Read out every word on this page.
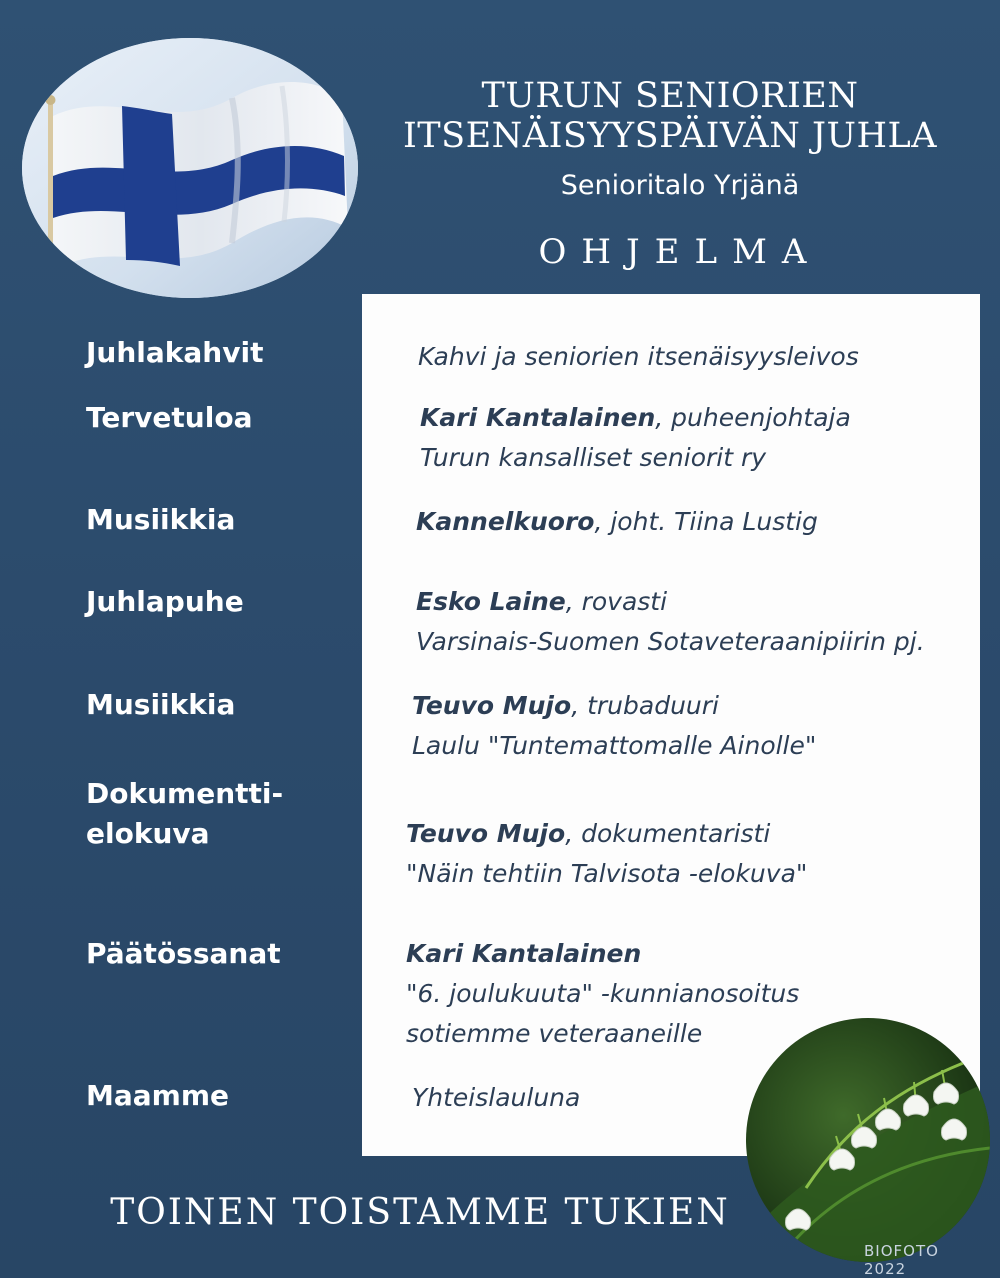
TURUN SENIORIEN
ITSENÄISYYSPÄIVÄN JUHLA
Senioritalo Yrjänä
OHJELMA
Juhlakahvit
Tervetuloa
Musiikkia
Juhlapuhe
Musiikkia
Dokumentti-
elokuva
Päätössanat
Maamme
Kahvi ja seniorien itsenäisyysleivos
Kari Kantalainen, puheenjohtaja
Turun kansalliset seniorit ry
Kannelkuoro, joht. Tiina Lustig
Esko Laine, rovasti
Varsinais-Suomen Sotaveteraanipiirin pj.
Teuvo Mujo, trubaduuri
Laulu "Tuntemattomalle Ainolle"
Teuvo Mujo, dokumentaristi
"Näin tehtiin Talvisota -elokuva"
Kari Kantalainen
"6. joulukuuta" -kunnianosoitus
sotiemme veteraaneille
Yhteislauluna
TOINEN TOISTAMME TUKIEN
BIOFOTO 2022
